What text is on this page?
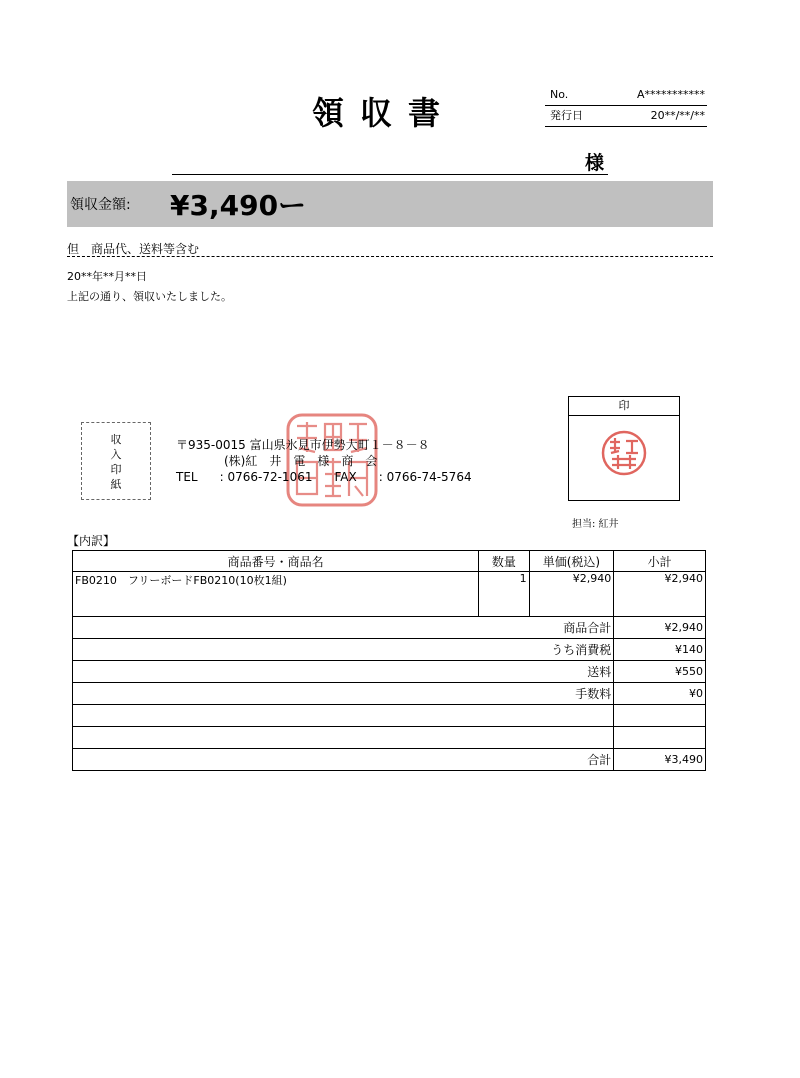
領収書	No.	A***********
発行日	20**/**/**
様
領収金額: ¥3,490ー
但　商品代、送料等含む
20**年**月**日
上記の通り、領収いたしました。
収
入
印
紙
〒935-0015 富山県氷見市伊勢大町１－８－８
(株)紅　井　電　様　商　会
TEL : 0766-72-1061 FAX : 0766-74-5764
印
担当: 紅井
【内訳】
商品番号・商品名	数量	単価(税込)	小計
FB0210　フリーボードFB0210(10枚1組)	1	¥2,940	¥2,940
商品合計			¥2,940
うち消費税			¥140
送料			¥550
手数料			¥0

合計			¥3,490
